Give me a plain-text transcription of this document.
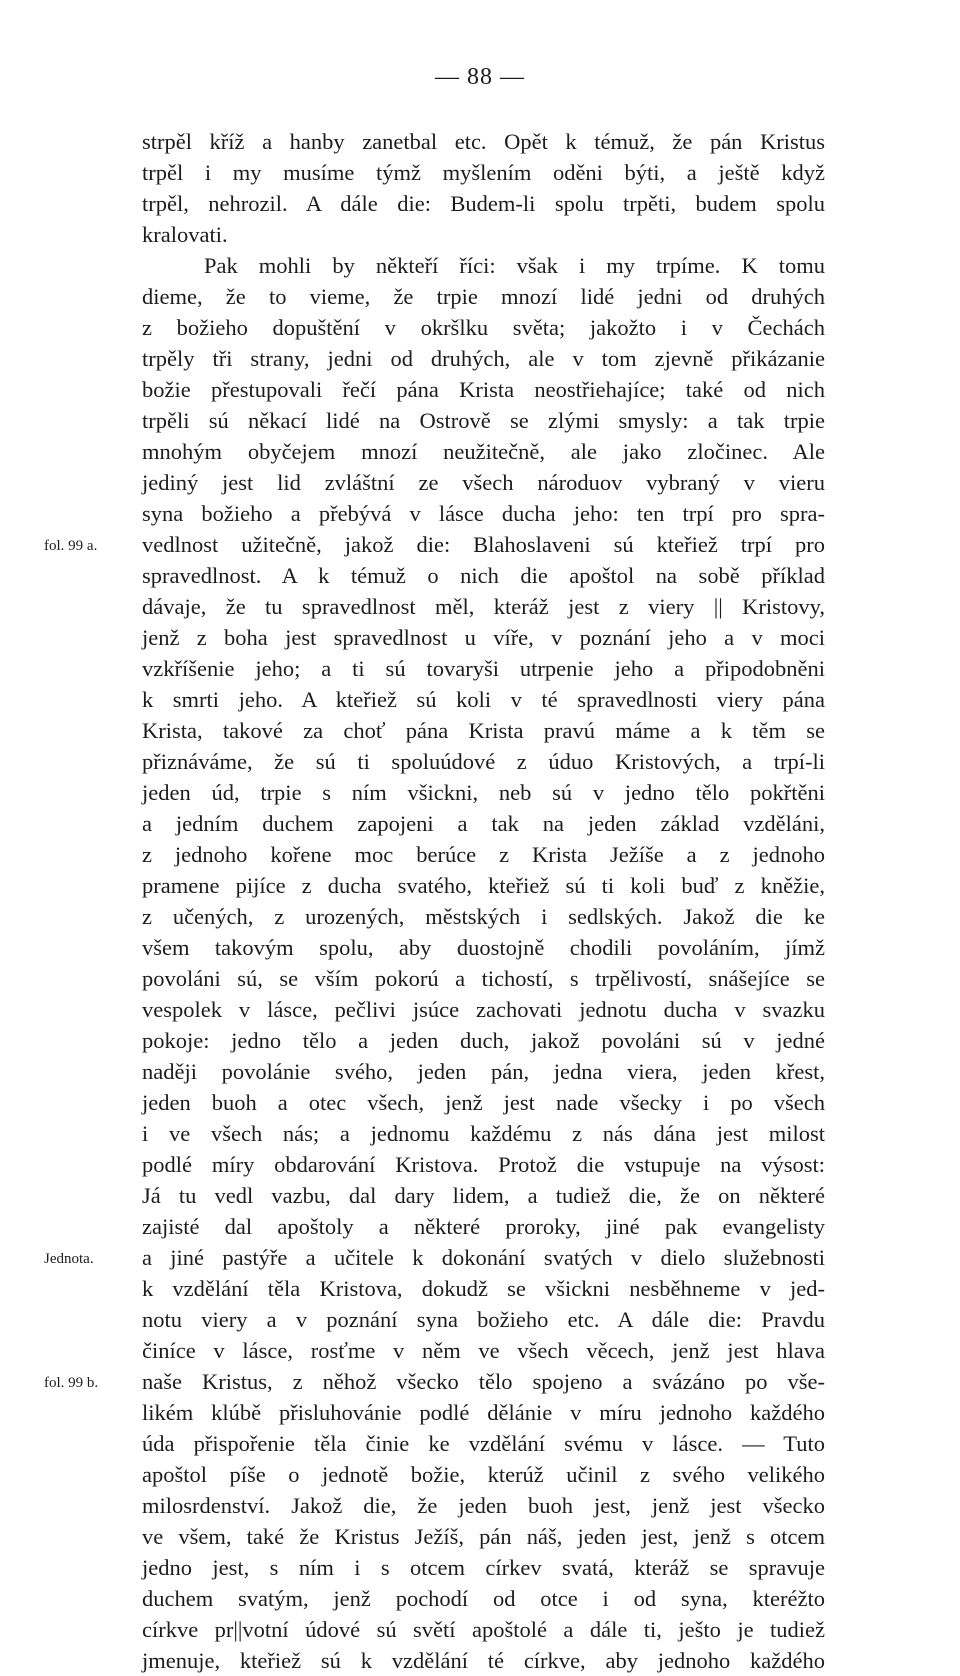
— 88 —
strpěl kříž a hanby zanetbal etc. Opět k témuž, že pán Kristus
trpěl i my musíme týmž myšlením oděni býti, a ještě když
trpěl, nehrozil. A dále die: Budem-li spolu trpěti, budem spolu
kralovati.
Pak mohli by někteří říci: však i my trpíme. K tomu
dieme, že to vieme, že trpie mnozí lidé jedni od druhých
z božieho dopuštění v okršlku světa; jakožto i v Čechách
trpěly tři strany, jedni od druhých, ale v tom zjevně přikázanie
božie přestupovali řečí pána Krista neostřiehajíce; také od nich
trpěli sú někací lidé na Ostrově se zlými smysly: a tak trpie
mnohým obyčejem mnozí neužitečně, ale jako zločinec. Ale
jediný jest lid zvláštní ze všech národuov vybraný v vieru
syna božieho a přebývá v lásce ducha jeho: ten trpí pro spra-
vedlnost užitečně, jakož die: Blahoslaveni sú kteřiež trpí pro
spravedlnost. A k témuž o nich die apoštol na sobě příklad
dávaje, že tu spravedlnost měl, kteráž jest z viery || Kristovy,
jenž z boha jest spravedlnost u víře, v poznání jeho a v moci
vzkříšenie jeho; a ti sú tovaryši utrpenie jeho a připodobněni
k smrti jeho. A kteřiež sú koli v té spravedlnosti viery pána
Krista, takové za choť pána Krista pravú máme a k těm se
přiznáváme, že sú ti spoluúdové z úduo Kristových, a trpí-li
jeden úd, trpie s ním všickni, neb sú v jedno tělo pokřtěni
a jedním duchem zapojeni a tak na jeden základ vzděláni,
z jednoho kořene moc berúce z Krista Ježíše a z jednoho
pramene pijíce z ducha svatého, kteřiež sú ti koli buď z kněžie,
z učených, z urozených, městských i sedlských. Jakož die ke
všem takovým spolu, aby duostojně chodili povoláním, jímž
povoláni sú, se vším pokorú a tichostí, s trpělivostí, snášejíce se
vespolek v lásce, pečlivi jsúce zachovati jednotu ducha v svazku
pokoje: jedno tělo a jeden duch, jakož povoláni sú v jedné
naději povolánie svého, jeden pán, jedna viera, jeden křest,
jeden buoh a otec všech, jenž jest nade všecky i po všech
i ve všech nás; a jednomu každému z nás dána jest milost
podlé míry obdarování Kristova. Protož die vstupuje na výsost:
Já tu vedl vazbu, dal dary lidem, a tudiež die, že on některé
zajisté dal apoštoly a některé proroky, jiné pak evangelisty
a jiné pastýře a učitele k dokonání svatých v dielo služebnosti
k vzdělání těla Kristova, dokudž se všickni nesběhneme v jed-
notu viery a v poznání syna božieho etc. A dále die: Pravdu
činíce v lásce, rosťme v něm ve všech věcech, jenž jest hlava
naše Kristus, z něhož všecko tělo spojeno a svázáno po vše-
likém klúbě přisluhovánie podlé dělánie v míru jednoho každého
úda přispořenie těla činie ke vzdělání svému v lásce. — Tuto
apoštol píše o jednotě božie, kterúž učinil z svého velikého
milosrdenství. Jakož die, že jeden buoh jest, jenž jest všecko
ve všem, také že Kristus Ježíš, pán náš, jeden jest, jenž s otcem
jedno jest, s ním i s otcem církev svatá, kteráž se spravuje
duchem svatým, jenž pochodí od otce i od syna, kteréžto
církve pr||votní údové sú světí apoštolé a dále ti, ješto je tudiež
jmenuje, kteřiež sú k vzdělání té církve, aby jednoho každého
fol. 99 a.
Jednota.
fol. 99 b.
